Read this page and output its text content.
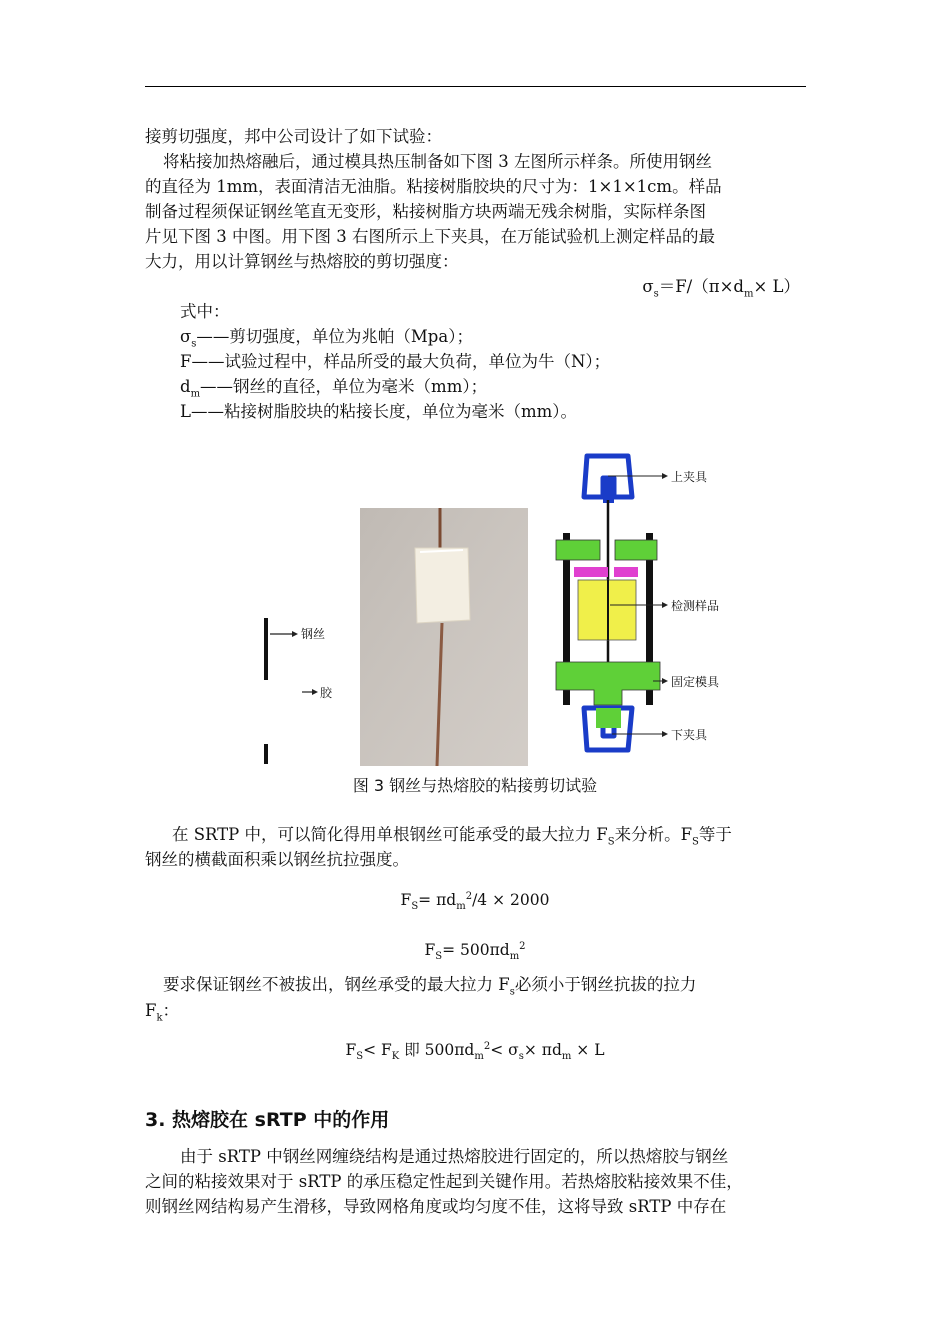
接剪切强度，邦中公司设计了如下试验：
将粘接加热熔融后，通过模具热压制备如下图 3 左图所示样条。所使用钢丝
的直径为 1mm，表面清洁无油脂。粘接树脂胶块的尺寸为：1×1×1cm。样品
制备过程须保证钢丝笔直无变形，粘接树脂方块两端无残余树脂，实际样条图
片见下图 3 中图。用下图 3 右图所示上下夹具，在万能试验机上测定样品的最
大力，用以计算钢丝与热熔胶的剪切强度：
$\sigma_s=F/(\pi\times d_m\times L)$
式中：
$\sigma_s——$剪切强度，单位为兆帕（Mpa）；
F——试验过程中，样品所受的最大负荷，单位为牛（N）；
$d_m——$钢丝的直径，单位为毫米（mm）；
L——粘接树脂胶块的粘接长度，单位为毫米（mm）。
钢丝
胶
上夹具
检测样品
固定模具
下夹具
图 3 钢丝与热熔胶的粘接剪切试验
在 SRTP 中，可以简化得用单根钢丝可能承受的最大拉力 $F_S$来分析。$F_S$等于
钢丝的横截面积乘以钢丝抗拉强度。
$F_S= \pi d_m^2/4 \times 2000$
$F_S= 500\pi d_m^2$
要求保证钢丝不被拔出，钢丝承受的最大拉力 $F_s$必须小于钢丝抗拔的拉力
$F_k$：
$F_S< F_K$ 即 $500\pi d_m^2< \sigma_s\times \pi d_m \times L$
3. 热熔胶在 sRTP 中的作用
由于 sRTP 中钢丝网缠绕结构是通过热熔胶进行固定的，所以热熔胶与钢丝
之间的粘接效果对于 sRTP 的承压稳定性起到关键作用。若热熔胶粘接效果不佳，
则钢丝网结构易产生滑移，导致网格角度或均匀度不佳，这将导致 sRTP 中存在
